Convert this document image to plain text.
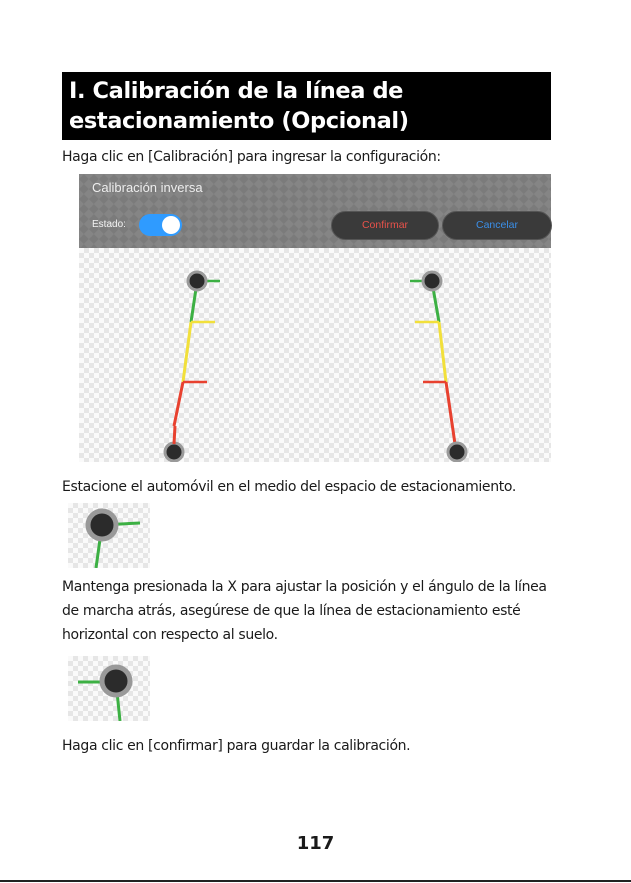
I. Calibración de la línea de estacionamiento (Opcional)
Haga clic en [Calibración] para ingresar la configuración:
Calibración inversa
Estado:	Confirmar	Cancelar
Estacione el automóvil en el medio del espacio de estacionamiento.
Mantenga presionada la X para ajustar la posición y el ángulo de la línea
de marcha atrás, asegúrese de que la línea de estacionamiento esté
horizontal con respecto al suelo.
Haga clic en [confirmar] para guardar la calibración.
117
